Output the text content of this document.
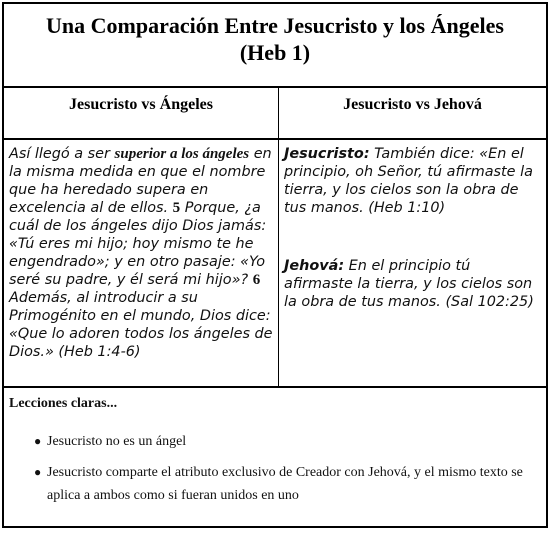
Una Comparación Entre Jesucristo y los Ángeles
(Heb 1)
Jesucristo vs Ángeles	Jesucristo vs Jehová
Así llegó a ser superior a los ángeles en la misma medida en que el nombre que ha heredado supera en excelencia al de ellos. 5 Porque, ¿a cuál de los ángeles dijo Dios jamás: «Tú eres mi hijo; hoy mismo te he engendrado»; y en otro pasaje: «Yo seré su padre, y él será mi hijo»? 6 Además, al introducir a su Primogénito en el mundo, Dios dice: «Que lo adoren todos los ángeles de Dios.» (Heb 1:4-6)
Jesucristo: También dice: «En el principio, oh Señor, tú afirmaste la tierra, y los cielos son la obra de tus manos. (Heb 1:10)
Jehová: En el principio tú afirmaste la tierra, y los cielos son la obra de tus manos. (Sal 102:25)
Lecciones claras...
● Jesucristo no es un ángel
● Jesucristo comparte el atributo exclusivo de Creador con Jehová, y el mismo texto se aplica a ambos como si fueran unidos en uno
